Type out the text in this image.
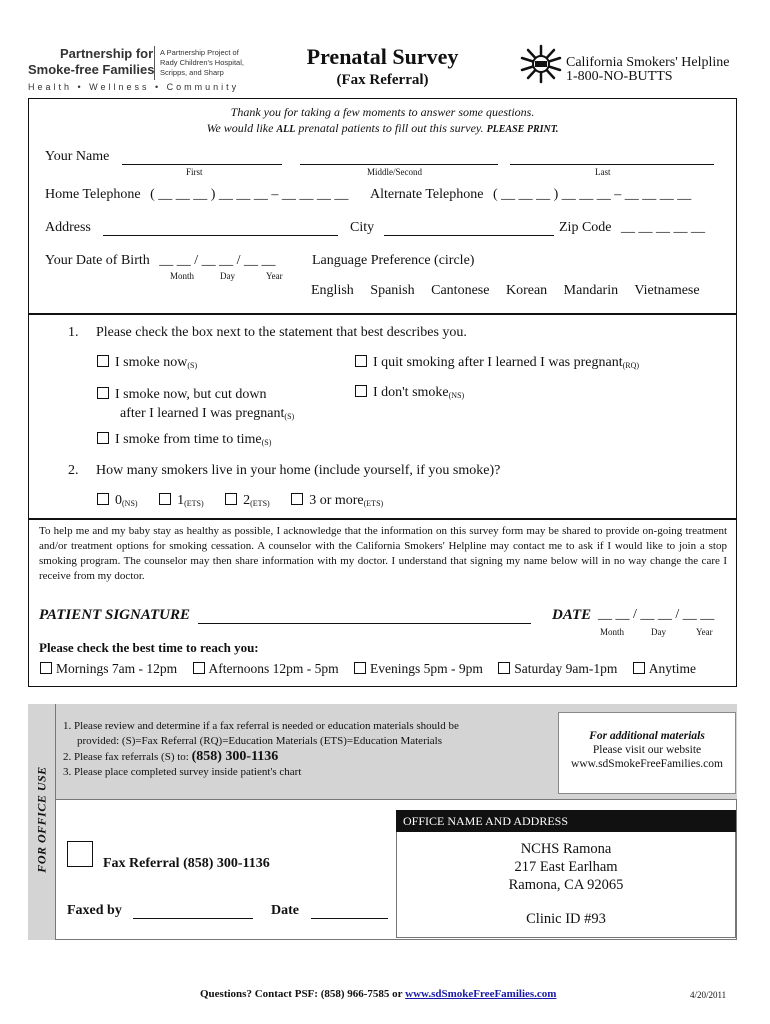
Partnership for
Smoke-free Families
A Partnership Project of
Rady Children's Hospital,
Scripps, and Sharp
Health • Wellness • Community
Prenatal Survey
(Fax Referral)
California Smokers' Helpline
1-800-NO-BUTTS
Thank you for taking a few moments to answer some questions.
We would like ALL prenatal patients to fill out this survey. PLEASE PRINT.
Your Name
First	Middle/Second	Last
Home Telephone ( __ __ __ ) __ __ __ – __ __ __ __ Alternate Telephone ( __ __ __ ) __ __ __ – __ __ __ __
Address	City	Zip Code __ __ __ __ __
Your Date of Birth __ __ / __ __ / __ __
Month	Day	Year
Language Preference (circle)
English Spanish Cantonese Korean Mandarin Vietnamese
1. Please check the box next to the statement that best describes you.
I smoke now$_{(S)}$	I quit smoking after I learned I was pregnant$_{(RQ)}$
I smoke now, but cut down
after I learned I was pregnant$_{(S)}$
I don't smoke$_{(NS)}$
I smoke from time to time$_{(S)}$
2. How many smokers live in your home (include yourself, if you smoke)?
$0_{(NS)}$	$1_{(ETS)}$	$2_{(ETS)}$	3 or more$_{(ETS)}$
To help me and my baby stay as healthy as possible, I acknowledge that the information on this survey form may be shared to provide on-going treatment and/or treatment options for smoking cessation. A counselor with the California Smokers' Helpline may contact me to ask if I would like to join a stop smoking program. The counselor may then share information with my doctor. I understand that signing my name below will in no way change the care I receive from my doctor.
PATIENT SIGNATURE	DATE __ __ / __ __ / __ __
Month	Day	Year
Please check the best time to reach you:
Mornings 7am - 12pm Afternoons 12pm - 5pm Evenings 5pm - 9pm Saturday 9am-1pm Anytime
FOR OFFICE USE
1. Please review and determine if a fax referral is needed or education materials should be
provided: (S)=Fax Referral (RQ)=Education Materials (ETS)=Education Materials
2. Please fax referrals (S) to: (858) 300-1136
3. Please place completed survey inside patient's chart
For additional materials
Please visit our website
www.sdSmokeFreeFamilies.com
Fax Referral (858) 300-1136
Faxed by	Date
OFFICE NAME AND ADDRESS
NCHS Ramona
217 East Earlham
Ramona, CA 92065
Clinic ID #93
Questions? Contact PSF: (858) 966-7585 or www.sdSmokeFreeFamilies.com	4/20/2011
